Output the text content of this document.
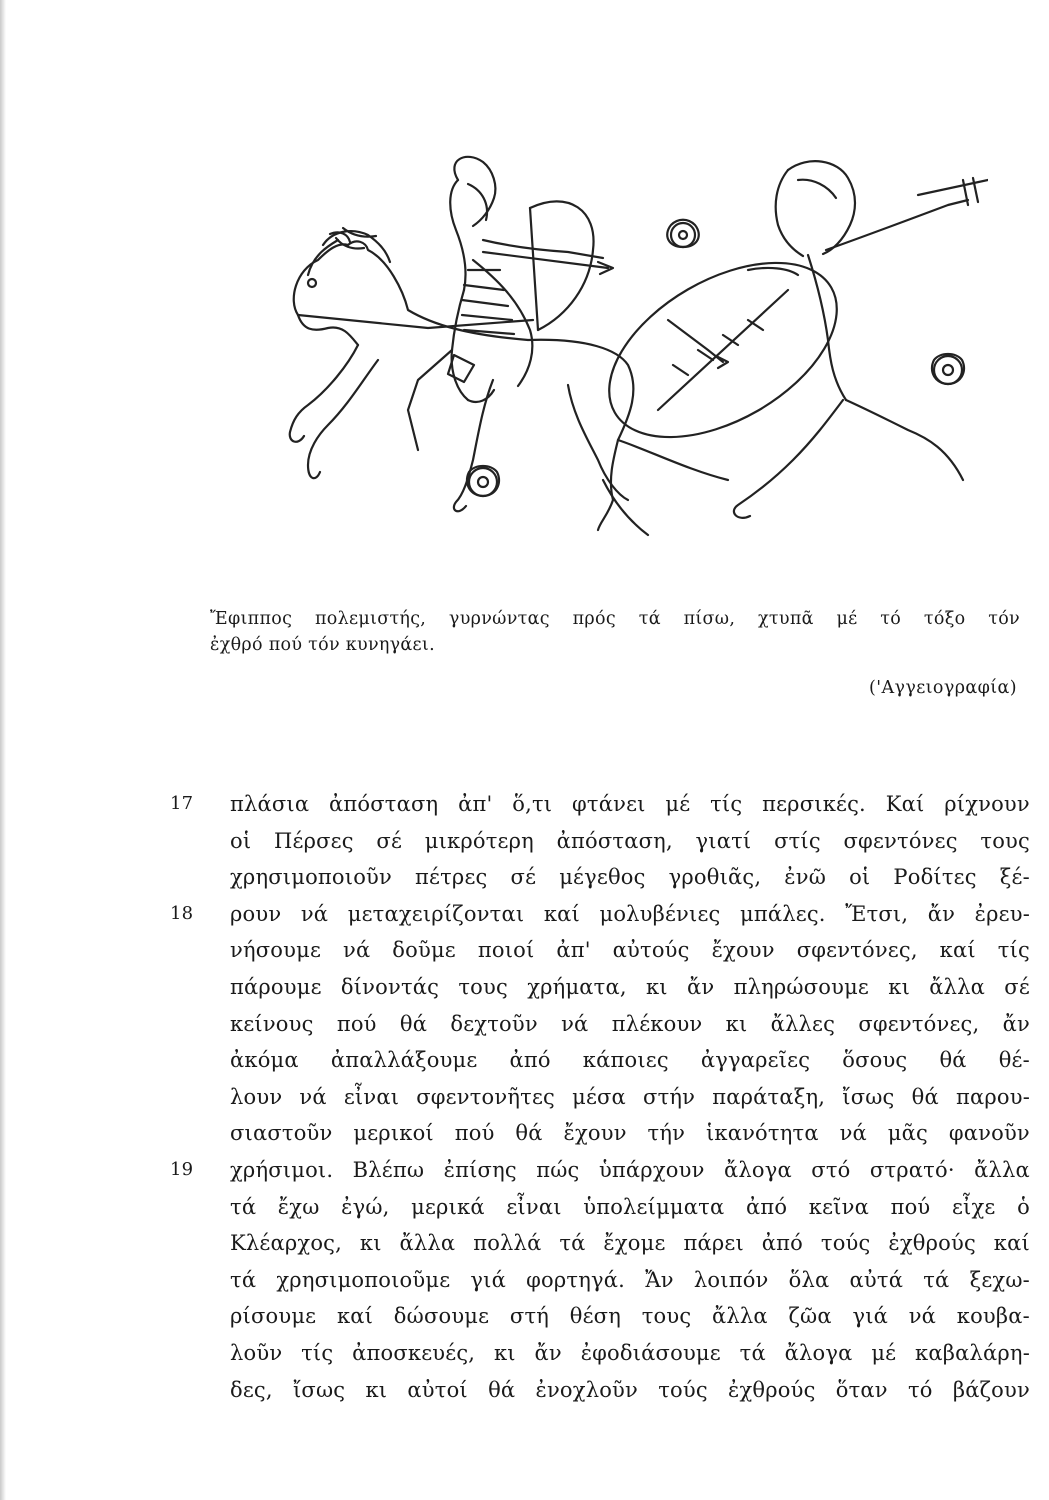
Ἔφιππος πολεμιστής, γυρνώντας πρός τά πίσω, χτυπᾶ μέ τό τόξο τόν
ἐχθρό πού τόν κυνηγάει.
('Αγγειογραφία)
17	πλάσια ἀπόσταση ἀπ' ὅ,τι φτάνει μέ τίς περσικές. Καί ρίχνουν
οἱ Πέρσες σέ μικρότερη ἀπόσταση, γιατί στίς σφεντόνες τους
χρησιμοποιοῦν πέτρες σέ μέγεθος γροθιᾶς, ἐνῶ οἱ Ροδίτες ξέ-
18	ρουν νά μεταχειρίζονται καί μολυβένιες μπάλες. Ἔτσι, ἄν ἐρευ-
νήσουμε νά δοῦμε ποιοί ἀπ' αὐτούς ἔχουν σφεντόνες, καί τίς
πάρουμε δίνοντάς τους χρήματα, κι ἄν πληρώσουμε κι ἄλλα σέ
κείνους πού θά δεχτοῦν νά πλέκουν κι ἄλλες σφεντόνες, ἄν
ἀκόμα ἀπαλλάξουμε ἀπό κάποιες ἀγγαρεῖες ὅσους θά θέ-
λουν νά εἶναι σφεντονῆτες μέσα στήν παράταξη, ἴσως θά παρου-
σιαστοῦν μερικοί πού θά ἔχουν τήν ἱκανότητα νά μᾶς φανοῦν
19	χρήσιμοι. Βλέπω ἐπίσης πώς ὑπάρχουν ἄλογα στό στρατό· ἄλλα
τά ἔχω ἐγώ, μερικά εἶναι ὑπολείμματα ἀπό κεῖνα πού εἶχε ὁ
Κλέαρχος, κι ἄλλα πολλά τά ἔχομε πάρει ἀπό τούς ἐχθρούς καί
τά χρησιμοποιοῦμε γιά φορτηγά. Ἄν λοιπόν ὅλα αὐτά τά ξεχω-
ρίσουμε καί δώσουμε στή θέση τους ἄλλα ζῶα γιά νά κουβα-
λοῦν τίς ἀποσκευές, κι ἄν ἐφοδιάσουμε τά ἄλογα μέ καβαλάρη-
δες, ἴσως κι αὐτοί θά ἐνοχλοῦν τούς ἐχθρούς ὅταν τό βάζουν
